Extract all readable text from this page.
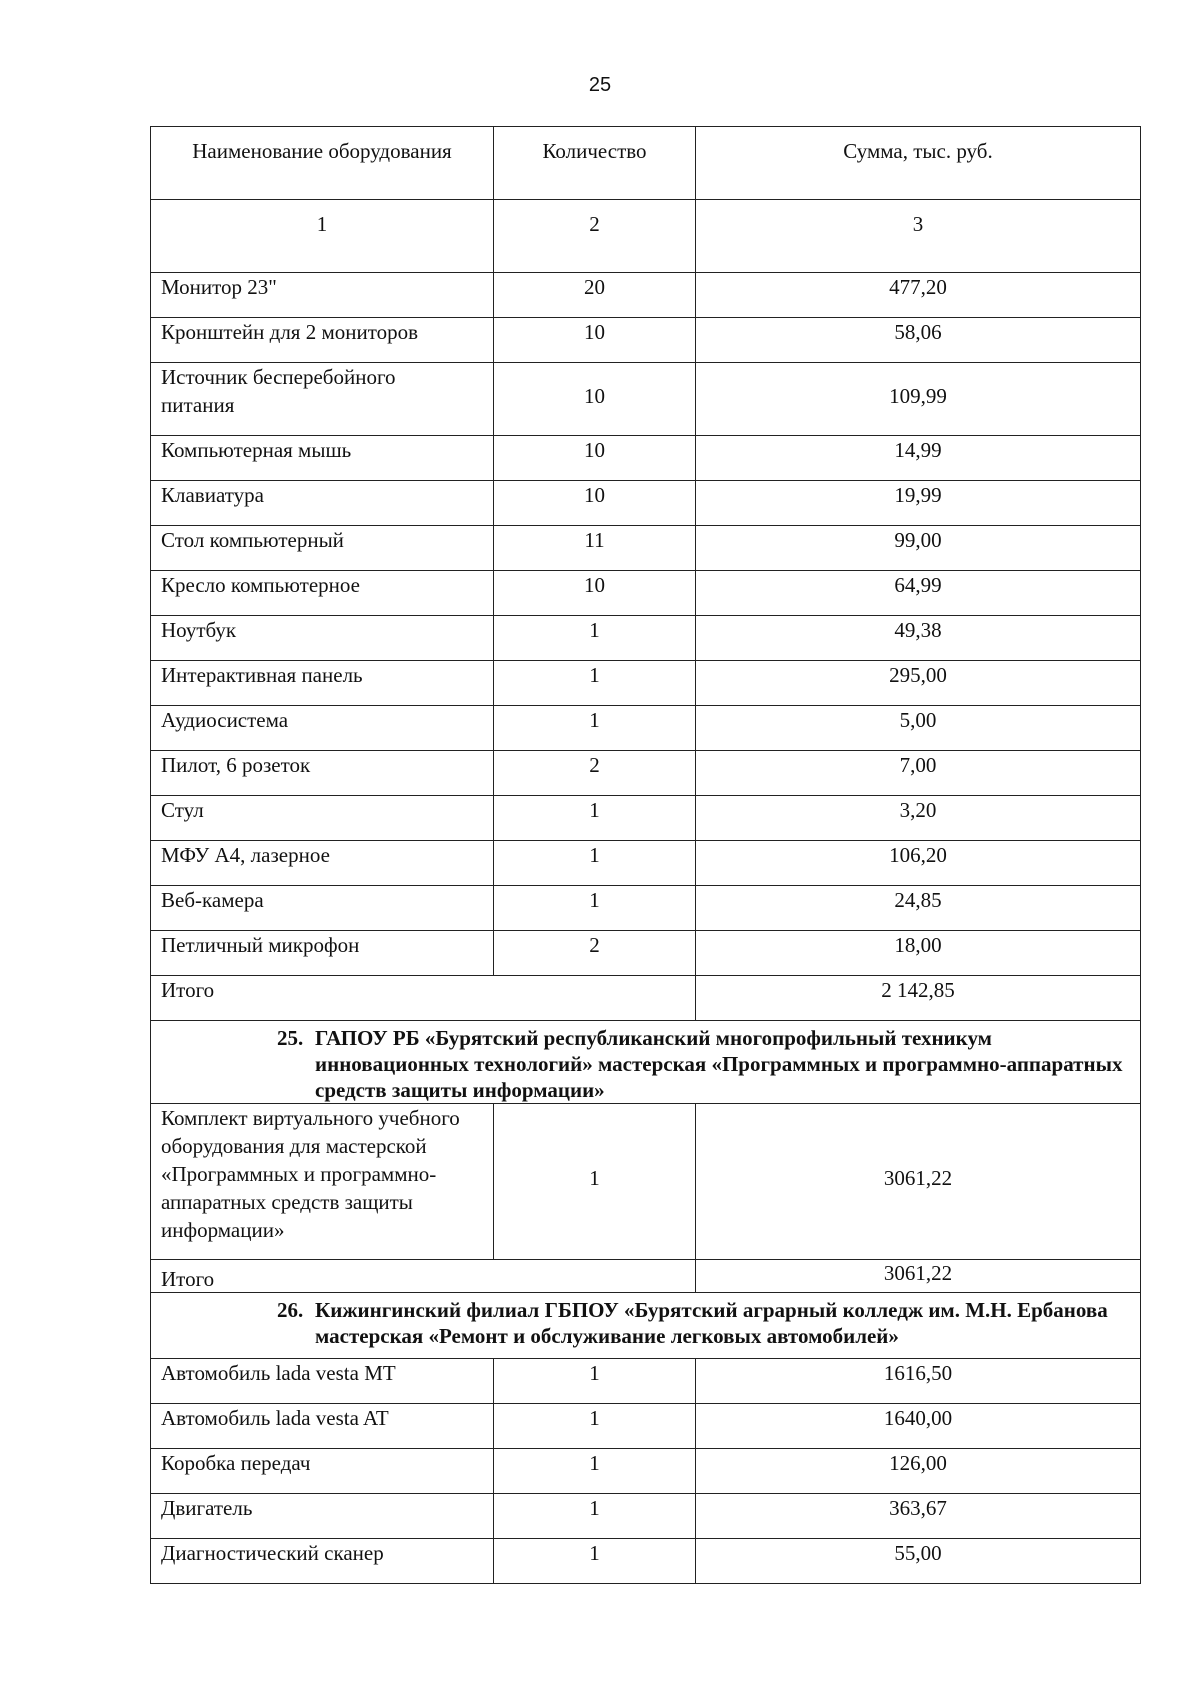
25
Наименование оборудования	Количество	Сумма, тыс. руб.
1	2	3
Монитор 23"	20	477,20
Кронштейн для 2 мониторов	10	58,06
Источник бесперебойного питания	10	109,99
Компьютерная мышь	10	14,99
Клавиатура	10	19,99
Стол компьютерный	11	99,00
Кресло компьютерное	10	64,99
Ноутбук	1	49,38
Интерактивная панель	1	295,00
Аудиосистема	1	5,00
Пилот, 6 розеток	2	7,00
Стул	1	3,20
МФУ А4, лазерное	1	106,20
Веб-камера	1	24,85
Петличный микрофон	2	18,00
Итого		2 142,85

25. ГАПОУ РБ «Бурятский республиканский многопрофильный техникум инновационных технологий» мастерская «Программных и программно-аппаратных средств защиты информации»		

Комплект виртуального учебного оборудования для мастерской «Программных и программно-аппаратных средств защиты информации»	1	3061,22
Итого		3061,22

26. Кижингинский филиал ГБПОУ «Бурятский аграрный колледж им. М.Н. Ербанова мастерская «Ремонт и обслуживание легковых автомобилей»		

Автомобиль lada vesta MT	1	1616,50
Автомобиль lada vesta AT	1	1640,00
Коробка передач	1	126,00
Двигатель	1	363,67
Диагностический сканер	1	55,00
